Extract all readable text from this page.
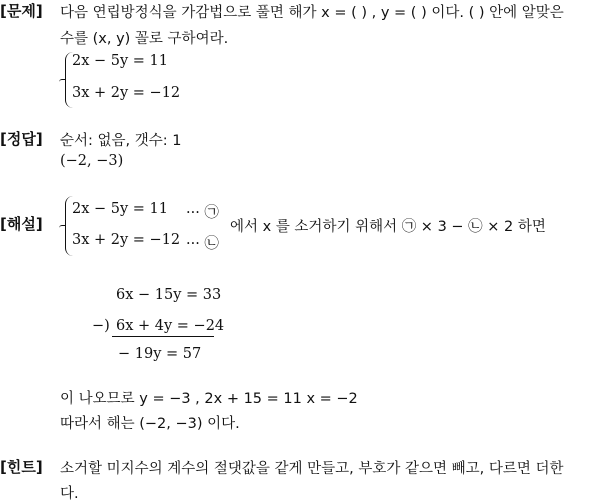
[문제] 다음 연립방정식을 가감법으로 풀면 해가 x = ( ) , y = ( ) 이다. ( ) 안에 알맞은
수를 (x, y) 꼴로 구하여라.
2x − 5y = 11
3x + 2y = −12
[정답] 순서: 없음, 갯수: 1
(−2, −3)
[해설]
2x − 5y = 11 ··· ㉠
3x + 2y = −12 ··· ㉡
에서 x 를 소거하기 위해서 ㉠ × 3 − ㉡ × 2 하면
6x − 15y = 33
−) 6x + 4y = −24
− 19y = 57
이 나오므로 y = −3 , 2x + 15 = 11 x = −2
따라서 해는 (−2, −3) 이다.
[힌트] 소거할 미지수의 계수의 절댓값을 같게 만들고, 부호가 같으면 빼고, 다르면 더한
다.
